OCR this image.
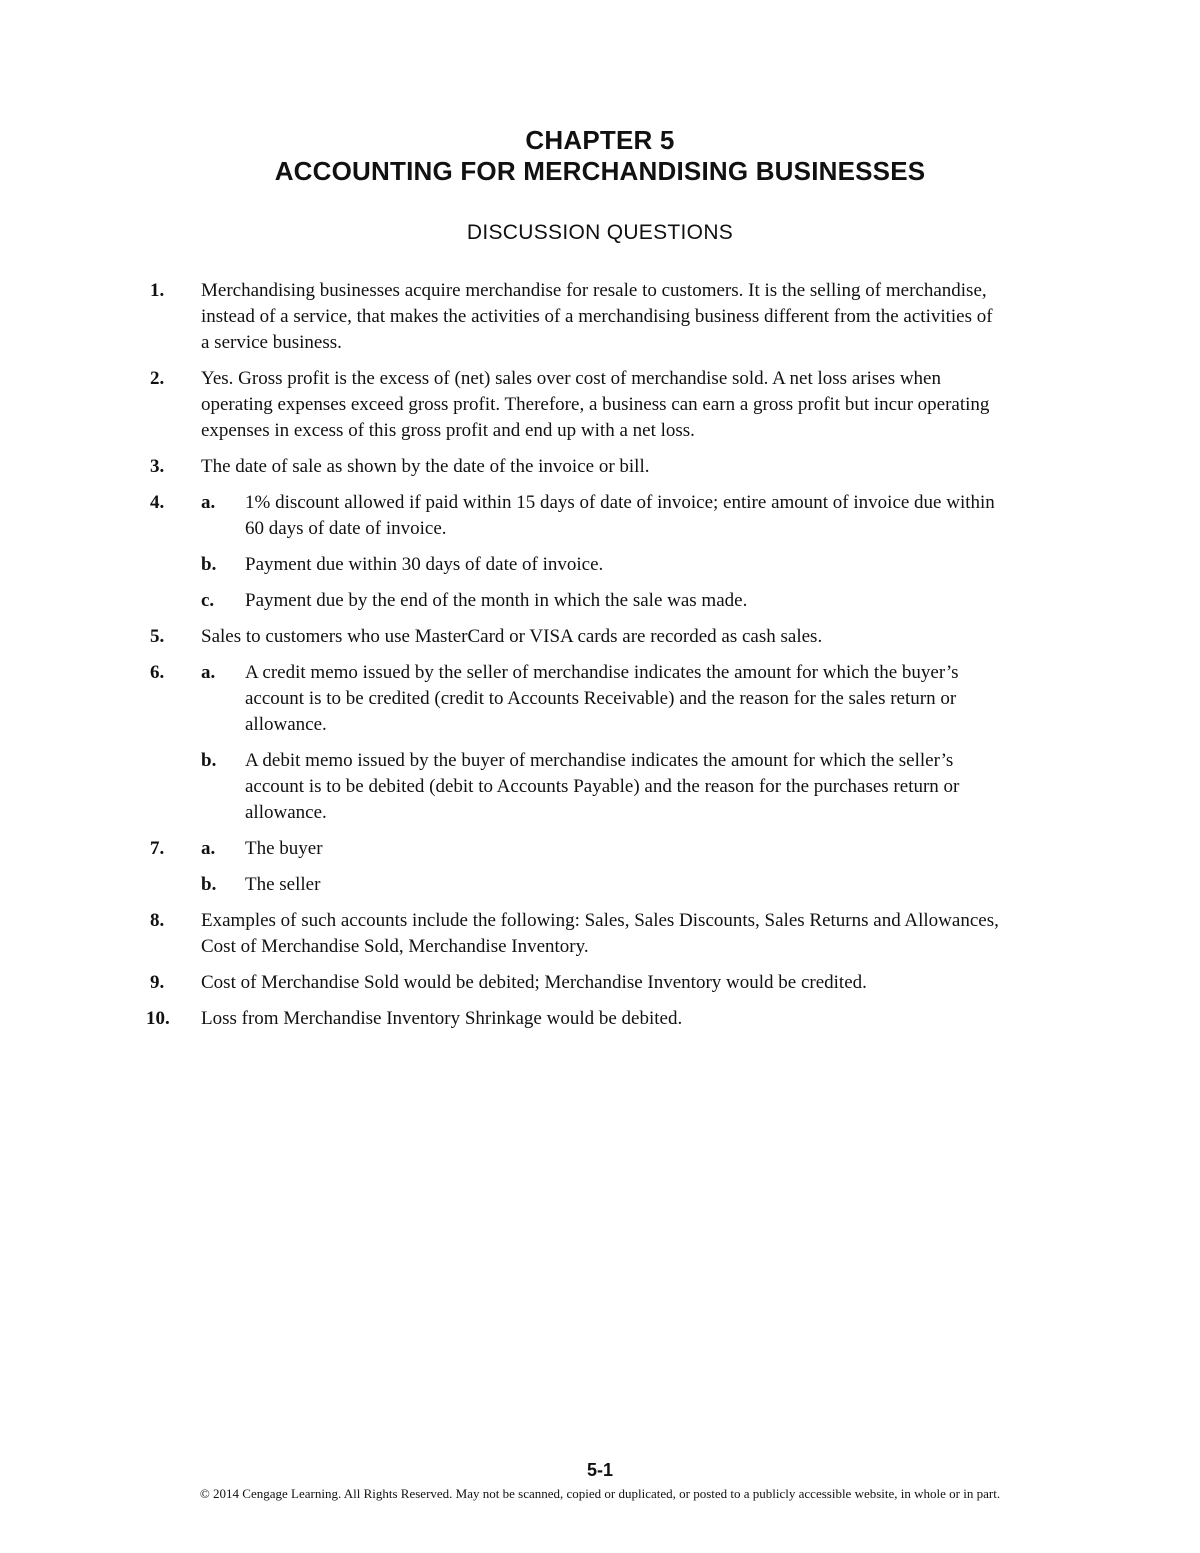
CHAPTER 5
ACCOUNTING FOR MERCHANDISING BUSINESSES
DISCUSSION QUESTIONS
1.	Merchandising businesses acquire merchandise for resale to customers. It is the selling of merchandise, instead of a service, that makes the activities of a merchandising business different from the activities of a service business.
2.	Yes. Gross profit is the excess of (net) sales over cost of merchandise sold. A net loss arises when operating expenses exceed gross profit. Therefore, a business can earn a gross profit but incur operating expenses in excess of this gross profit and end up with a net loss.
3.	The date of sale as shown by the date of the invoice or bill.
4.	a. 1% discount allowed if paid within 15 days of date of invoice; entire amount of invoice due within 60 days of date of invoice.
b. Payment due within 30 days of date of invoice.
c. Payment due by the end of the month in which the sale was made.
5.	Sales to customers who use MasterCard or VISA cards are recorded as cash sales.
6.	a. A credit memo issued by the seller of merchandise indicates the amount for which the buyer’s account is to be credited (credit to Accounts Receivable) and the reason for the sales return or allowance.
b. A debit memo issued by the buyer of merchandise indicates the amount for which the seller’s account is to be debited (debit to Accounts Payable) and the reason for the purchases return or allowance.
7.	a. The buyer
b. The seller
8.	Examples of such accounts include the following: Sales, Sales Discounts, Sales Returns and Allowances, Cost of Merchandise Sold, Merchandise Inventory.
9.	Cost of Merchandise Sold would be debited; Merchandise Inventory would be credited.
10.	Loss from Merchandise Inventory Shrinkage would be debited.
5-1
© 2014 Cengage Learning. All Rights Reserved. May not be scanned, copied or duplicated, or posted to a publicly accessible website, in whole or in part.
